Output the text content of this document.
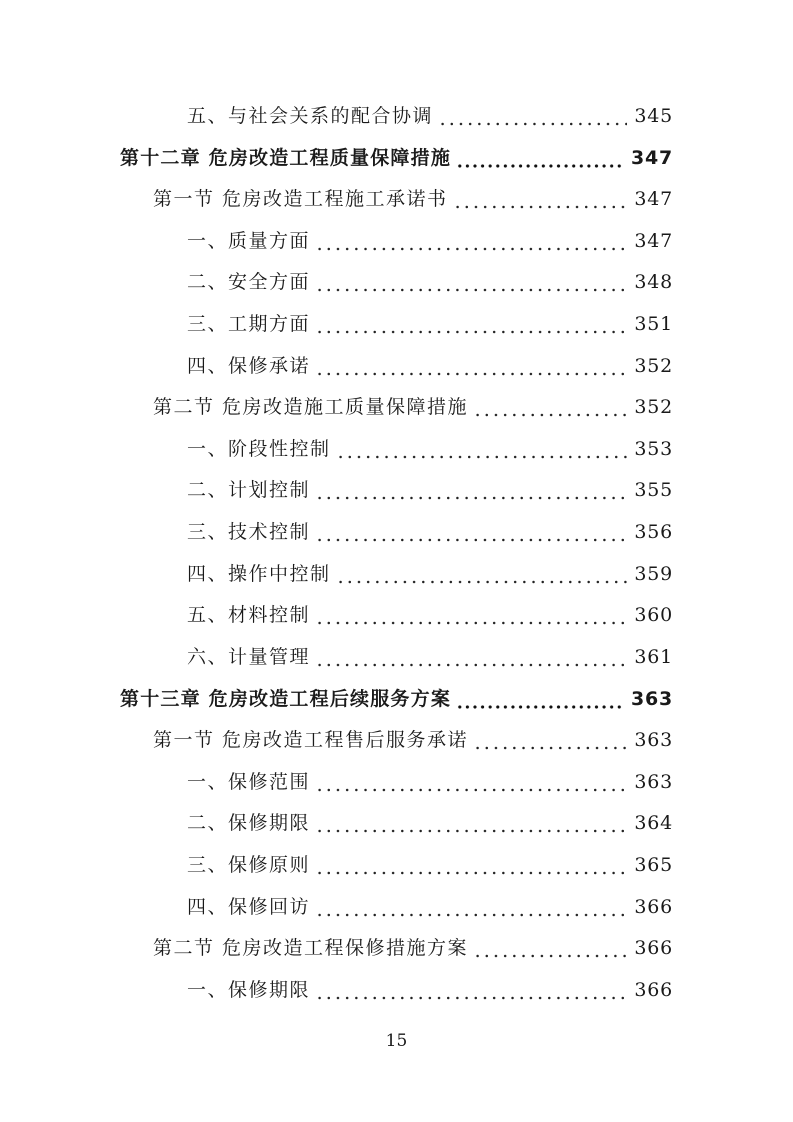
五、与社会关系的配合协调	345
第十二章 危房改造工程质量保障措施	347
第一节 危房改造工程施工承诺书	347
一、质量方面	347
二、安全方面	348
三、工期方面	351
四、保修承诺	352
第二节 危房改造施工质量保障措施	352
一、阶段性控制	353
二、计划控制	355
三、技术控制	356
四、操作中控制	359
五、材料控制	360
六、计量管理	361
第十三章 危房改造工程后续服务方案	363
第一节 危房改造工程售后服务承诺	363
一、保修范围	363
二、保修期限	364
三、保修原则	365
四、保修回访	366
第二节 危房改造工程保修措施方案	366
一、保修期限	366
15
